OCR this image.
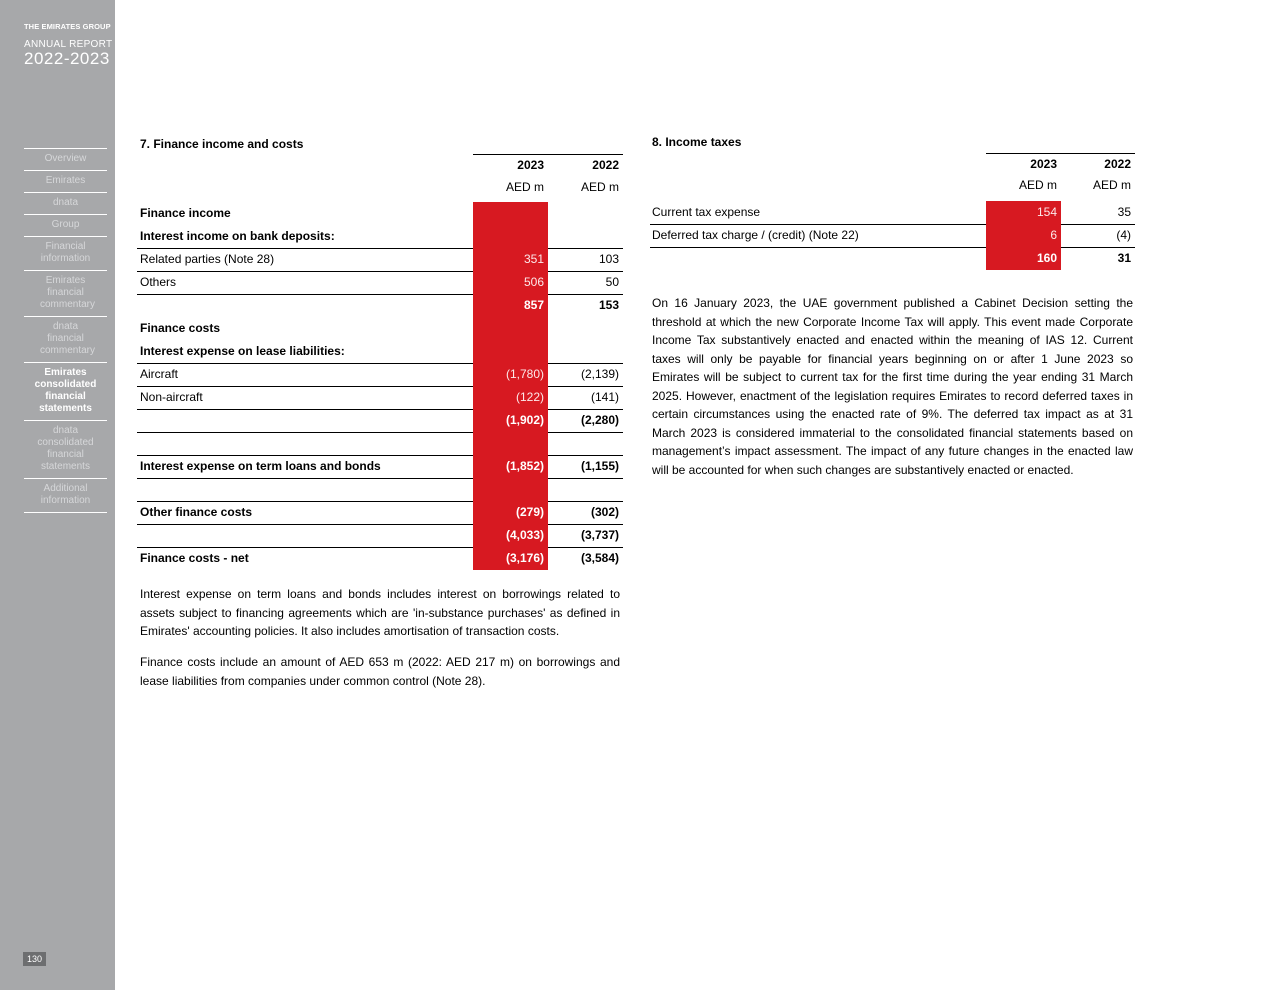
THE EMIRATES GROUP
ANNUAL REPORT
2022-2023
Overview
Emirates
dnata
Group
Financial information
Emirates financial commentary
dnata financial commentary
Emirates consolidated financial statements
dnata consolidated financial statements
Additional information
130
7. Finance income and costs
2023	2022
AED m	AED m
Finance income
Interest income on bank deposits:
Related parties (Note 28)	351	103
Others	506	50
857	153
Finance costs
Interest expense on lease liabilities:
Aircraft	(1,780)	(2,139)
Non-aircraft	(122)	(141)
(1,902)	(2,280)
Interest expense on term loans and bonds	(1,852)	(1,155)
Other finance costs	(279)	(302)
(4,033)	(3,737)
Finance costs - net	(3,176)	(3,584)

Interest expense on term loans and bonds includes interest on borrowings related to assets subject to financing agreements which are 'in-substance purchases' as defined in Emirates' accounting policies. It also includes amortisation of transaction costs.

Finance costs include an amount of AED 653 m (2022: AED 217 m) on borrowings and lease liabilities from companies under common control (Note 28).

8. Income taxes
2023	2022
AED m	AED m
Current tax expense	154	35
Deferred tax charge / (credit) (Note 22)	6	(4)
160	31

On 16 January 2023, the UAE government published a Cabinet Decision setting the threshold at which the new Corporate Income Tax will apply. This event made Corporate Income Tax substantively enacted and enacted within the meaning of IAS 12. Current taxes will only be payable for financial years beginning on or after 1 June 2023 so Emirates will be subject to current tax for the first time during the year ending 31 March 2025. However, enactment of the legislation requires Emirates to record deferred taxes in certain circumstances using the enacted rate of 9%. The deferred tax impact as at 31 March 2023 is considered immaterial to the consolidated financial statements based on management’s impact assessment. The impact of any future changes in the enacted law will be accounted for when such changes are substantively enacted or enacted.
